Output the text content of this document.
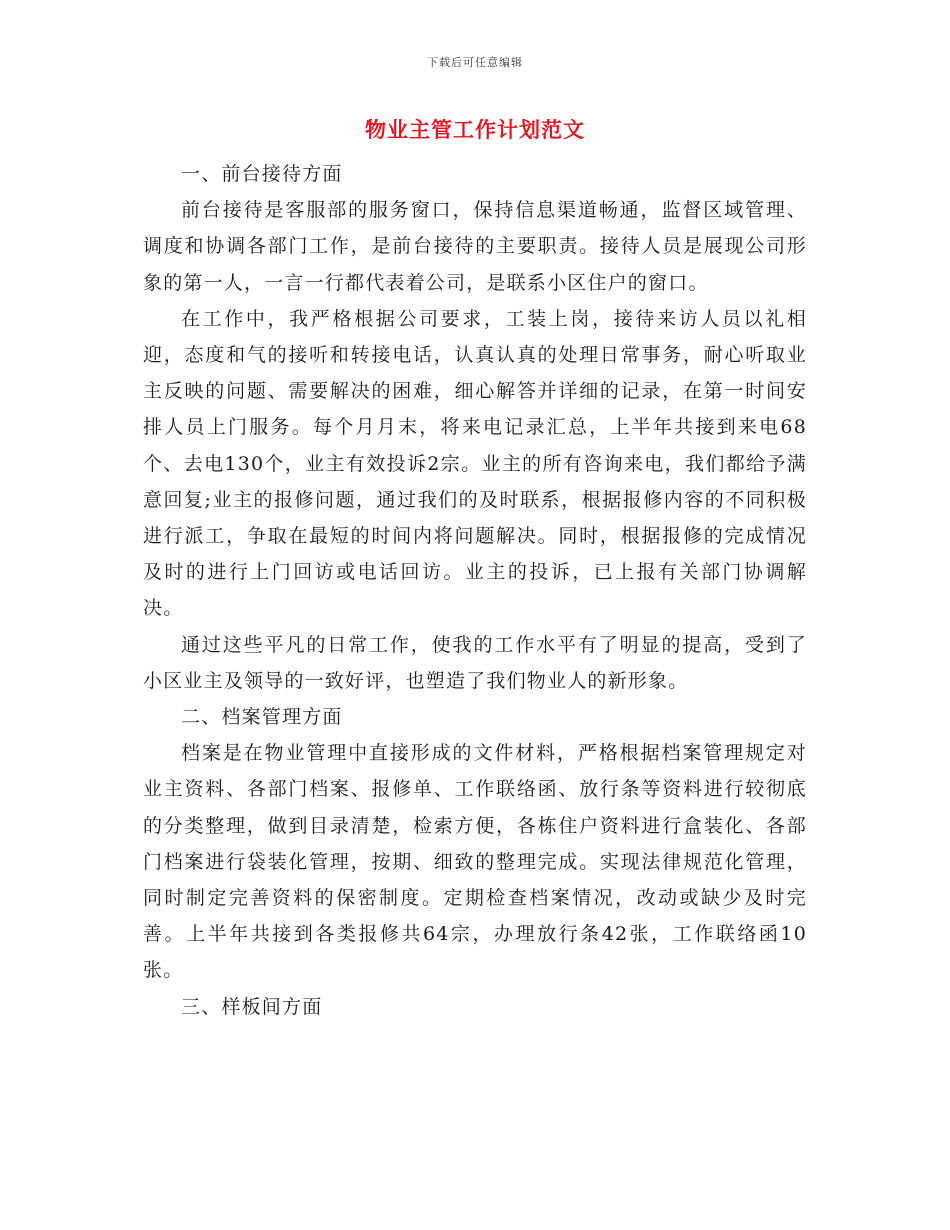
下载后可任意编辑
物业主管工作计划范文

一、前台接待方面

前台接待是客服部的服务窗口，保持信息渠道畅通，监督区域管理、调度和协调各部门工作，是前台接待的主要职责。接待人员是展现公司形象的第一人，一言一行都代表着公司，是联系小区住户的窗口。

在工作中，我严格根据公司要求，工装上岗，接待来访人员以礼相迎，态度和气的接听和转接电话，认真认真的处理日常事务，耐心听取业主反映的问题、需要解决的困难，细心解答并详细的记录，在第一时间安排人员上门服务。每个月月末，将来电记录汇总，上半年共接到来电68个、去电130个，业主有效投诉2宗。业主的所有咨询来电，我们都给予满意回复;业主的报修问题，通过我们的及时联系，根据报修内容的不同积极进行派工，争取在最短的时间内将问题解决。同时，根据报修的完成情况及时的进行上门回访或电话回访。业主的投诉，已上报有关部门协调解决。

通过这些平凡的日常工作，使我的工作水平有了明显的提高，受到了小区业主及领导的一致好评，也塑造了我们物业人的新形象。

二、档案管理方面

档案是在物业管理中直接形成的文件材料，严格根据档案管理规定对业主资料、各部门档案、报修单、工作联络函、放行条等资料进行较彻底的分类整理，做到目录清楚，检索方便，各栋住户资料进行盒装化、各部门档案进行袋装化管理，按期、细致的整理完成。实现法律规范化管理，同时制定完善资料的保密制度。定期检查档案情况，改动或缺少及时完善。上半年共接到各类报修共64宗，办理放行条42张，工作联络函10张。

三、样板间方面
